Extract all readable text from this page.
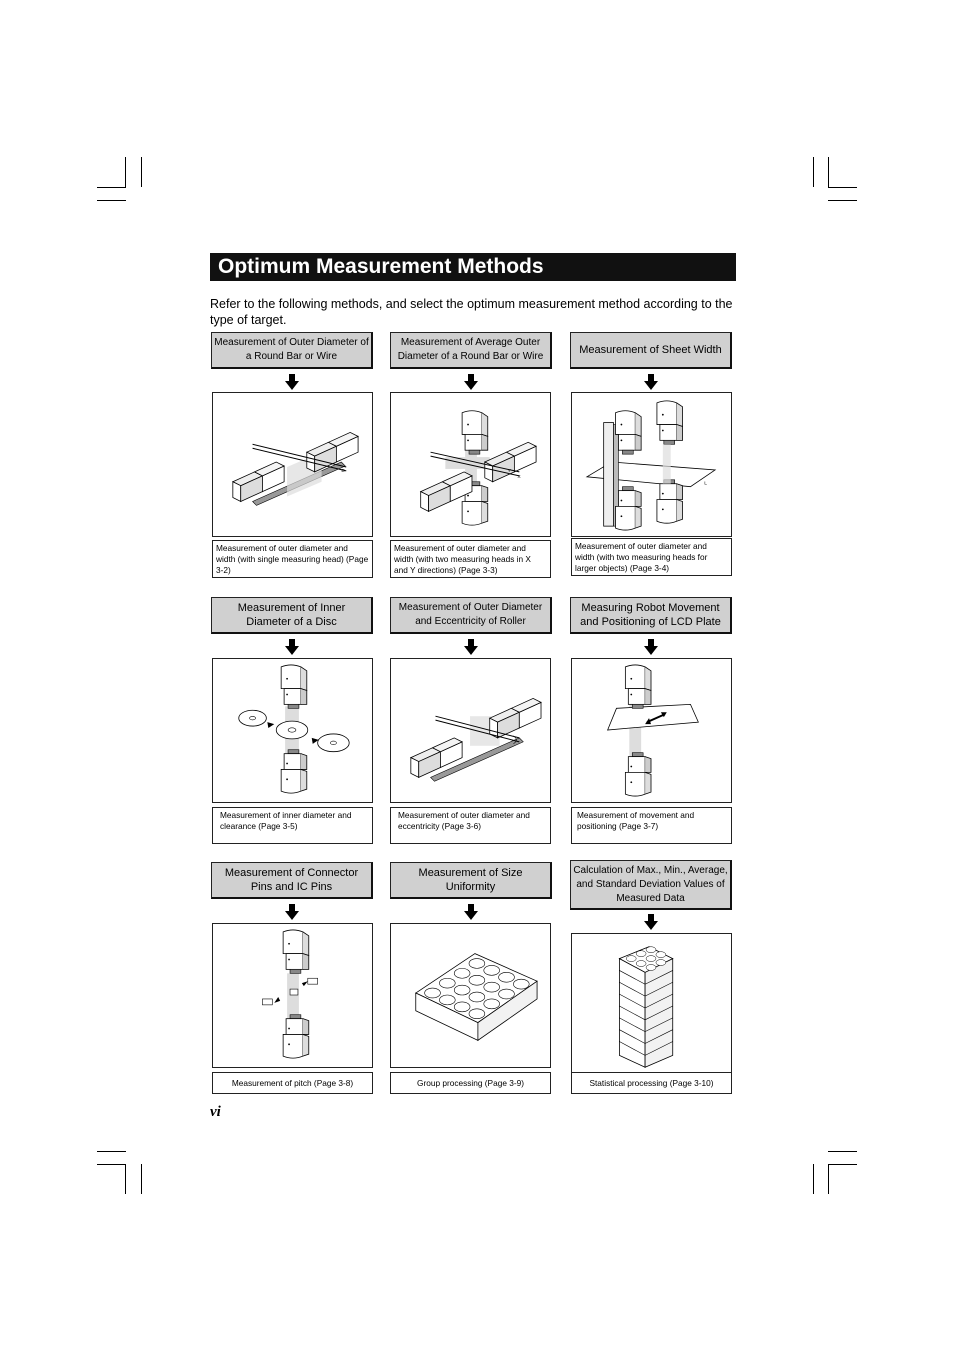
Optimum Measurement Methods
Refer to the following methods, and select the optimum measurement method according to the type of target.
Measurement of Outer Diameter of a Round Bar or Wire
Measurement of Average Outer Diameter of a Round Bar or Wire
Measurement of Sheet Width
D	Y
X
L
Measurement of outer diameter and width (with single measuring head) (Page 3-2)
Measurement of outer diameter and width (with two measuring heads in X and Y directions) (Page 3-3)
Measurement of outer diameter and width (with two measuring heads for larger objects) (Page 3-4)
Measurement of Inner Diameter of a Disc
Measurement of Outer Diameter and Eccentricity of Roller
Measuring Robot Movement and Positioning of LCD Plate
Measurement of inner diameter and clearance (Page 3-5)
Measurement of outer diameter and eccentricity (Page 3-6)
Measurement of movement and positioning (Page 3-7)
Measurement of Connector Pins and IC Pins
Measurement of Size Uniformity
Calculation of Max., Min., Average, and Standard Deviation Values of Measured Data
Measurement of pitch (Page 3-8)	Group processing (Page 3-9)	Statistical processing (Page 3-10)
vi
